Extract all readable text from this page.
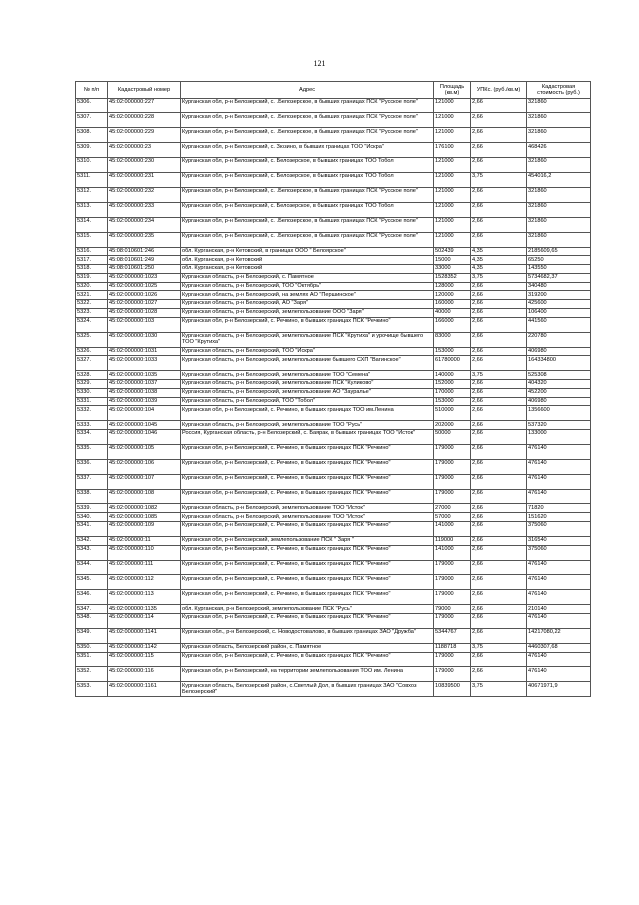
121
№ п/п	Кадастровый номер	Адрес	Площадь (кв.м)	УПКс. (руб./кв.м)	Кадастровая стоимость (руб.)
5306.	45:02:000000:227	Курганская обл, р-н Белозерский, с. .Белозерское, в бывших границах ПСК "Русское поле"	121000	2,66	321860
5307.	45:02:000000:228	Курганская обл, р-н Белозерский, с. .Белозерское, в бывших границах ПСК "Русское поле"	121000	2,66	321860
5308.	45:02:000000:229	Курганская обл, р-н Белозерский, с. .Белозерское, в бывших границах ПСК "Русское поле"	121000	2,66	321860
5309.	45:02:000000:23	Курганская обл, р-н Белозерский, с. Зюзино, в бывших границах ТОО "Искра"	176100	2,66	468426
5310.	45:02:000000:230	Курганская обл, р-н Белозерский, с. Белозерское, в бывших границах ТОО Тобол	121000	2,66	321860
5311.	45:02:000000:231	Курганская обл, р-н Белозерский, с. Белозерское, в бывших границах ТОО Тобол	121000	3,75	454016,2
5312.	45:02:000000:232	Курганская обл, р-н Белозерский, с. .Белозерское, в бывших границах ПСК "Русское поле"	121000	2,66	321860
5313.	45:02:000000:233	Курганская обл, р-н Белозерский, с. Белозерское, в бывших границах ТОО Тобол	121000	2,66	321860
5314.	45:02:000000:234	Курганская обл, р-н Белозерский, с. .Белозерское, в бывших границах ПСК "Русское поле"	121000	2,66	321860
5315.	45:02:000000:235	Курганская обл, р-н Белозерский, с. .Белозерское, в бывших границах ПСК "Русское поле"	121000	2,66	321860
5316.	45:08:010601:246	обл. Курганская, р-н Кетовский, в границах ООО " Белоярское"	502439	4,35	2185609,65
5317.	45:08:010601:249	обл. Курганская, р-н Кетовский	15000	4,35	65250
5318.	45:08:010601:250	обл. Курганская, р-н Кетовский	33000	4,35	143550
5319.	45:02:000000:1023	Курганская область, р-н Белозерский, с. Памятное	1528352	3,75	5734682,37
5320.	45:02:000000:1025	Курганская область, р-н Белозерский, ТОО "Октябрь"	128000	2,66	340480
5321.	45:02:000000:1026	Курганская область, р-н Белозерский, на землях АО "Першинское"	120000	2,66	319200
5322.	45:02:000000:1027	Курганская область, р-н Белозерский, АО "Заря"	160000	2,66	425600
5323.	45:02:000000:1028	Курганская область, р-н Белозерский, землепользование ООО "Заря"	40000	2,66	106400
5324.	45:02:000000:103	Курганская обл, р-н Белозерский, с. Речкино, в бывших границах ПСК "Речкино"	166000	2,66	441560
5325.	45:02:000000:1030	Курганская область, р-н Белозерский, землепользование ПСК "Крутиха" и урочище бывшего ТОО "Крутиха"	83000	2,66	220780
5326.	45:02:000000:1031	Курганская область, р-н Белозерский, ТОО "Искра"	153000	2,66	406980
5327.	45:02:000000:1033	Курганская область, р-н Белозерский, землепользование бывшего СХП "Вагинское"	61780000	2,66	164334800
5328.	45:02:000000:1035	Курганская область, р-н Белозерский, землепользование ТОО "Семена"	140000	3,75	525308
5329.	45:02:000000:1037	Курганская область, р-н Белозерский, землепользование ПСК "Куликово"	152000	2,66	404320
5330.	45:02:000000:1038	Курганская область, р-н Белозерский, землепользование АО "Зауралье"	170000	2,66	452200
5331.	45:02:000000:1039	Курганская область, р-н Белозерский, ТОО "Тобол"	153000	2,66	406980
5332.	45:02:000000:104	Курганская обл, р-н Белозерский, с. Речкино, в бывших границах ТОО им.Ленина	510000	2,66	1356600
5333.	45:02:000000:1045	Курганская область, р-н Белозерский, землепользование ТОО "Русь"	202000	2,66	537320
5334.	45:02:000000:1046	Россия, Курганская область, р-н Белозерский, с. Баярак, в бывших границах ТОО "Исток"	50000	2,66	133000
5335.	45:02:000000:105	Курганская обл, р-н Белозерский, с. Речкино, в бывших границах ПСК "Речкино"	179000	2,66	476140
5336.	45:02:000000:106	Курганская обл, р-н Белозерский, с. Речкино, в бывших границах ПСК "Речкино"	179000	2,66	476140
5337.	45:02:000000:107	Курганская обл, р-н Белозерский, с. Речкино, в бывших границах ПСК "Речкино"	179000	2,66	476140
5338.	45:02:000000:108	Курганская обл, р-н Белозерский, с. Речкино, в бывших границах ПСК "Речкино"	179000	2,66	476140
5339.	45:02:000000:1082	Курганская область, р-н Белозерский, землепользование ТОО "Исток"	27000	2,66	71820
5340.	45:02:000000:1085	Курганская область, р-н Белозерский, землепользование ТОО "Исток"	57000	2,66	151620
5341.	45:02:000000:109	Курганская обл, р-н Белозерский, с. Речкино, в бывших границах ПСК "Речкино"	141000	2,66	375060
5342.	45:02:000000:11	Курганская обл, р-н Белозерский, землепользование ПСК " Заря "	119000	2,66	316540
5343.	45:02:000000:110	Курганская обл, р-н Белозерский, с. Речкино, в бывших границах ПСК "Речкино"	141000	2,66	375060
5344.	45:02:000000:111	Курганская обл, р-н Белозерский, с. Речкино, в бывших границах ПСК "Речкино"	179000	2,66	476140
5345.	45:02:000000:112	Курганская обл, р-н Белозерский, с. Речкино, в бывших границах ПСК "Речкино"	179000	2,66	476140
5346.	45:02:000000:113	Курганская обл, р-н Белозерский, с. Речкино, в бывших границах ПСК "Речкино"	179000	2,66	476140
5347.	45:02:000000:1135	обл. Курганская, р-н Белозерский, землепользование ПСК "Русь"	79000	2,66	210140
5348.	45:02:000000:114	Курганская обл, р-н Белозерский, с. Речкино, в бывших границах ПСК "Речкино"	179000	2,66	476140
5349.	45:02:000000:1141	Курганская обл., р-н Белозерский, с. Новодостовалово, в бывших границах ЗАО "Дружба"	5344767	2,66	14217080,22
5350.	45:02:000000:1142	Курганская область, Белозерский район, с. Памятное	1188718	3,75	4460307,68
5351.	45:02:000000:115	Курганская обл, р-н Белозерский, с. Речкино, в бывших границах ПСК "Речкино"	179000	2,66	476140
5352.	45:02:000000:116	Курганская обл, р-н Белозерский, на территории землепользования ТОО им. Ленина	179000	2,66	476140
5353.	45:02:000000:1161	Курганская область, Белозерский район, с.Светлый Дол, в бывших границах ЗАО "Совхоз Белозерский"	10839500	3,75	40671971,9
